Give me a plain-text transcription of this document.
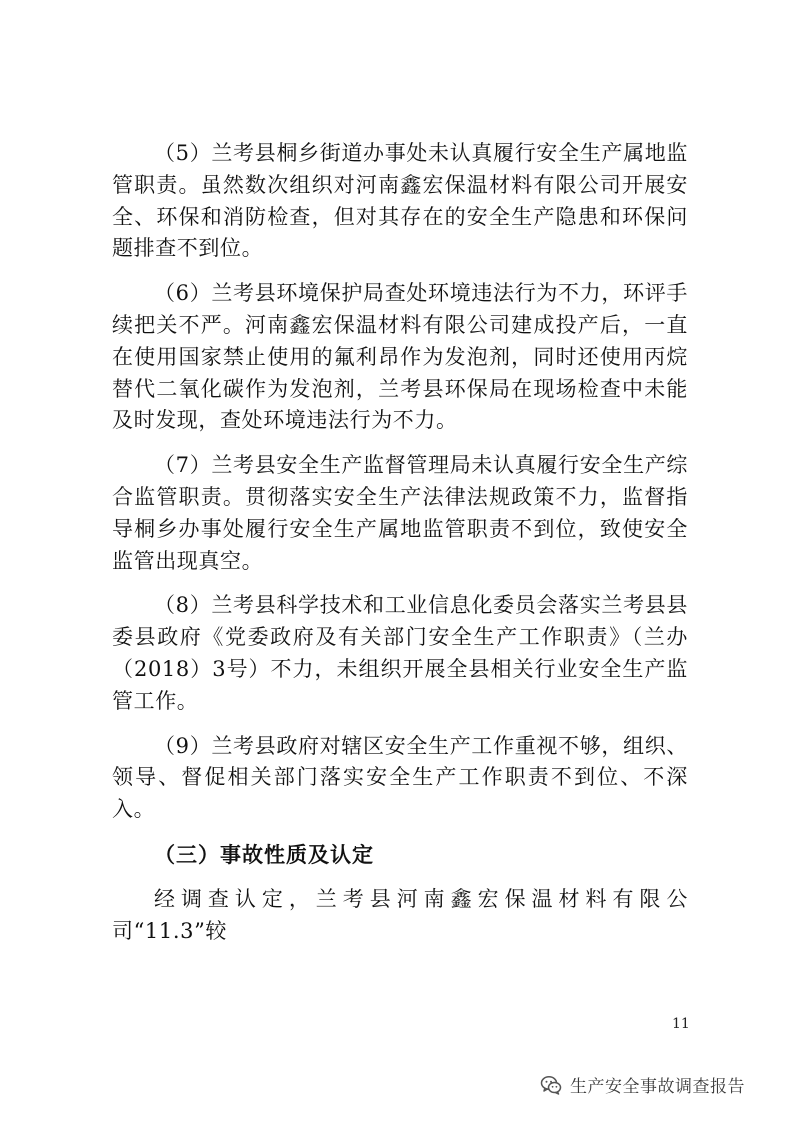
（5）兰考县桐乡街道办事处未认真履行安全生产属地监管职责。虽然数次组织对河南鑫宏保温材料有限公司开展安全、环保和消防检查，但对其存在的安全生产隐患和环保问题排查不到位。

（6）兰考县环境保护局查处环境违法行为不力，环评手续把关不严。河南鑫宏保温材料有限公司建成投产后，一直在使用国家禁止使用的氟利昂作为发泡剂，同时还使用丙烷替代二氧化碳作为发泡剂，兰考县环保局在现场检查中未能及时发现，查处环境违法行为不力。

（7）兰考县安全生产监督管理局未认真履行安全生产综合监管职责。贯彻落实安全生产法律法规政策不力，监督指导桐乡办事处履行安全生产属地监管职责不到位，致使安全监管出现真空。

（8）兰考县科学技术和工业信息化委员会落实兰考县县委县政府《党委政府及有关部门安全生产工作职责》（兰办（2018）3号）不力，未组织开展全县相关行业安全生产监管工作。

（9）兰考县政府对辖区安全生产工作重视不够，组织、领导、督促相关部门落实安全生产工作职责不到位、不深入。

（三）事故性质及认定

经调查认定，兰考县河南鑫宏保温材料有限公司“11.3”较

11
生产安全事故调查报告
